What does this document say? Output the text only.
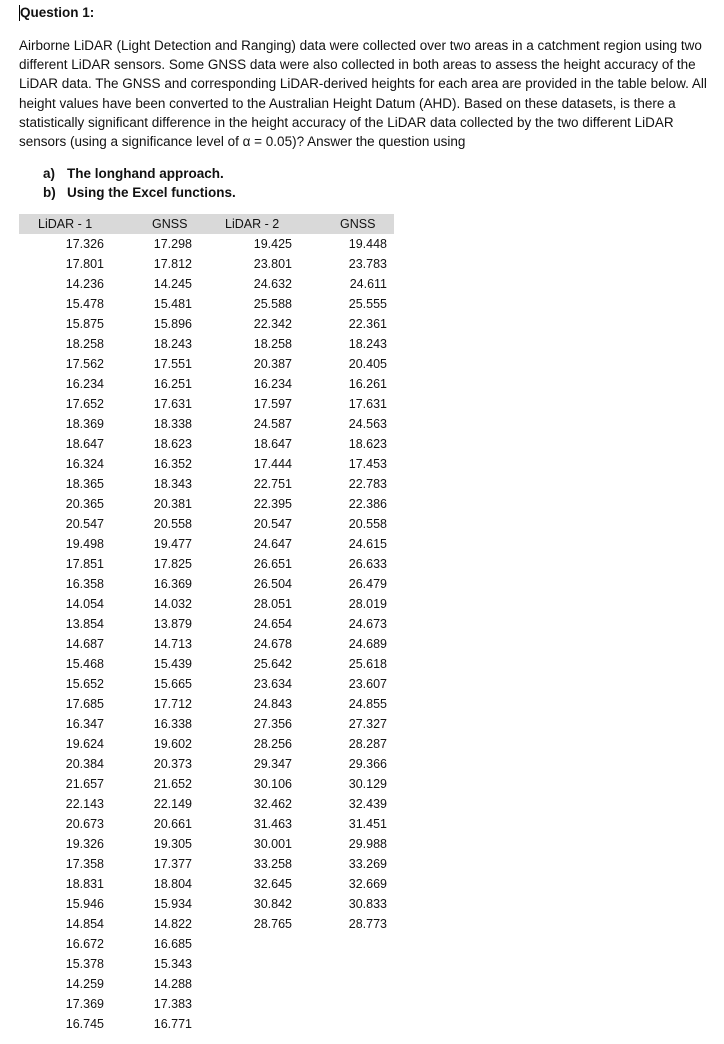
Question 1:

Airborne LiDAR (Light Detection and Ranging) data were collected over two areas in a catchment region using two different LiDAR sensors. Some GNSS data were also collected in both areas to assess the height accuracy of the LiDAR data. The GNSS and corresponding LiDAR-derived heights for each area are provided in the table below. All height values have been converted to the Australian Height Datum (AHD). Based on these datasets, is there a statistically significant difference in the height accuracy of the LiDAR data collected by the two different LiDAR sensors (using a significance level of α = 0.05)? Answer the question using

a) The longhand approach.
b) Using the Excel functions.
LiDAR - 1	GNSS	LiDAR - 2	GNSS
17.326	17.298	19.425	19.448
17.801	17.812	23.801	23.783
14.236	14.245	24.632	24.611
15.478	15.481	25.588	25.555
15.875	15.896	22.342	22.361
18.258	18.243	18.258	18.243
17.562	17.551	20.387	20.405
16.234	16.251	16.234	16.261
17.652	17.631	17.597	17.631
18.369	18.338	24.587	24.563
18.647	18.623	18.647	18.623
16.324	16.352	17.444	17.453
18.365	18.343	22.751	22.783
20.365	20.381	22.395	22.386
20.547	20.558	20.547	20.558
19.498	19.477	24.647	24.615
17.851	17.825	26.651	26.633
16.358	16.369	26.504	26.479
14.054	14.032	28.051	28.019
13.854	13.879	24.654	24.673
14.687	14.713	24.678	24.689
15.468	15.439	25.642	25.618
15.652	15.665	23.634	23.607
17.685	17.712	24.843	24.855
16.347	16.338	27.356	27.327
19.624	19.602	28.256	28.287
20.384	20.373	29.347	29.366
21.657	21.652	30.106	30.129
22.143	22.149	32.462	32.439
20.673	20.661	31.463	31.451
19.326	19.305	30.001	29.988
17.358	17.377	33.258	33.269
18.831	18.804	32.645	32.669
15.946	15.934	30.842	30.833
14.854	14.822	28.765	28.773
16.672	16.685		
15.378	15.343		
14.259	14.288		
17.369	17.383		
16.745	16.771		
